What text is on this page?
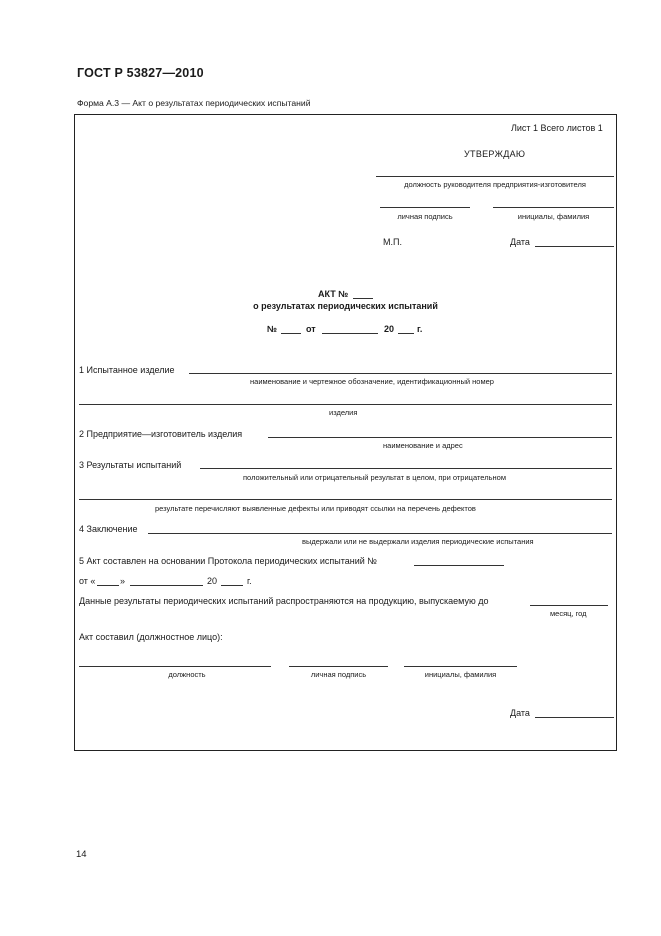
ГОСТ Р 53827—2010
Форма А.3 — Акт о результатах периодических испытаний
Лист 1 Всего листов 1
УТВЕРЖДАЮ
должность руководителя предприятия-изготовителя
личная подпись	инициалы, фамилия
М.П.	Дата
АКТ №
о результатах периодических испытаний
№	от	20	г.
1 Испытанное изделие
наименование и чертежное обозначение, идентификационный номер
изделия
2 Предприятие—изготовитель изделия
наименование и адрес
3 Результаты испытаний
положительный или отрицательный результат в целом, при отрицательном
результате перечисляют выявленные дефекты или приводят ссылки на перечень дефектов
4 Заключение
выдержали или не выдержали изделия периодические испытания
5 Акт составлен на основании Протокола периодических испытаний №
от «	»	20	г.
Данные результаты периодических испытаний распространяются на продукцию, выпускаемую до
месяц, год
Акт составил (должностное лицо):
должность	личная подпись	инициалы, фамилия
Дата
14
